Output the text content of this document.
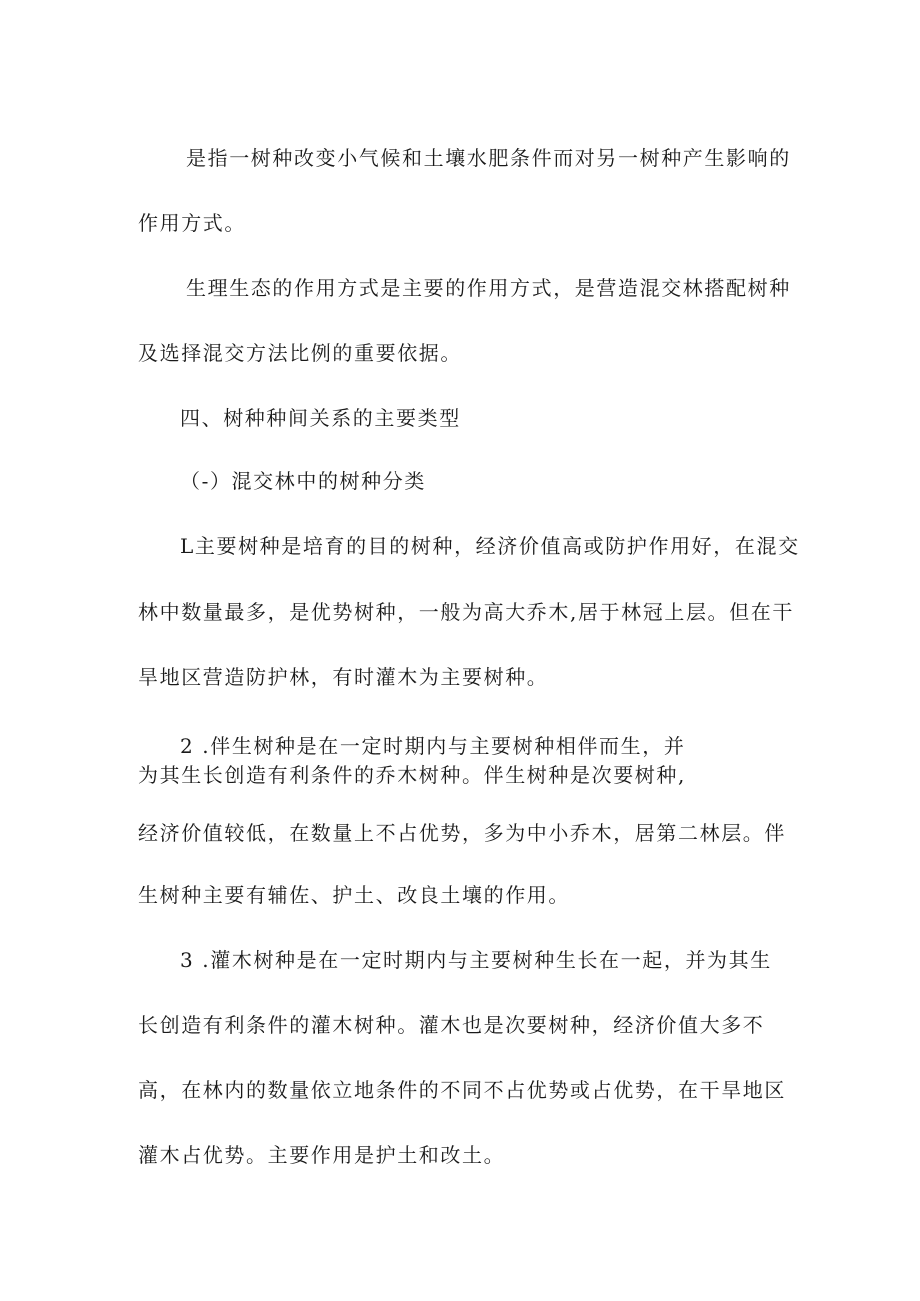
是指一树种改变小气候和土壤水肥条件而对另一树种产生影响的
作用方式。
生理生态的作用方式是主要的作用方式，是营造混交林搭配树种
及选择混交方法比例的重要依据。
四、树种种间关系的主要类型
（-）混交林中的树种分类
L主要树种是培育的目的树种，经济价值高或防护作用好，在混交
林中数量最多，是优势树种，一般为高大乔木,居于林冠上层。但在干
旱地区营造防护林，有时灌木为主要树种。
2 .伴生树种是在一定时期内与主要树种相伴而生，并
为其生长创造有利条件的乔木树种。伴生树种是次要树种,
经济价值较低，在数量上不占优势，多为中小乔木，居第二林层。伴
生树种主要有辅佐、护土、改良土壤的作用。
3 .灌木树种是在一定时期内与主要树种生长在一起，并为其生
长创造有利条件的灌木树种。灌木也是次要树种，经济价值大多不
高，在林内的数量依立地条件的不同不占优势或占优势，在干旱地区
灌木占优势。主要作用是护土和改土。
